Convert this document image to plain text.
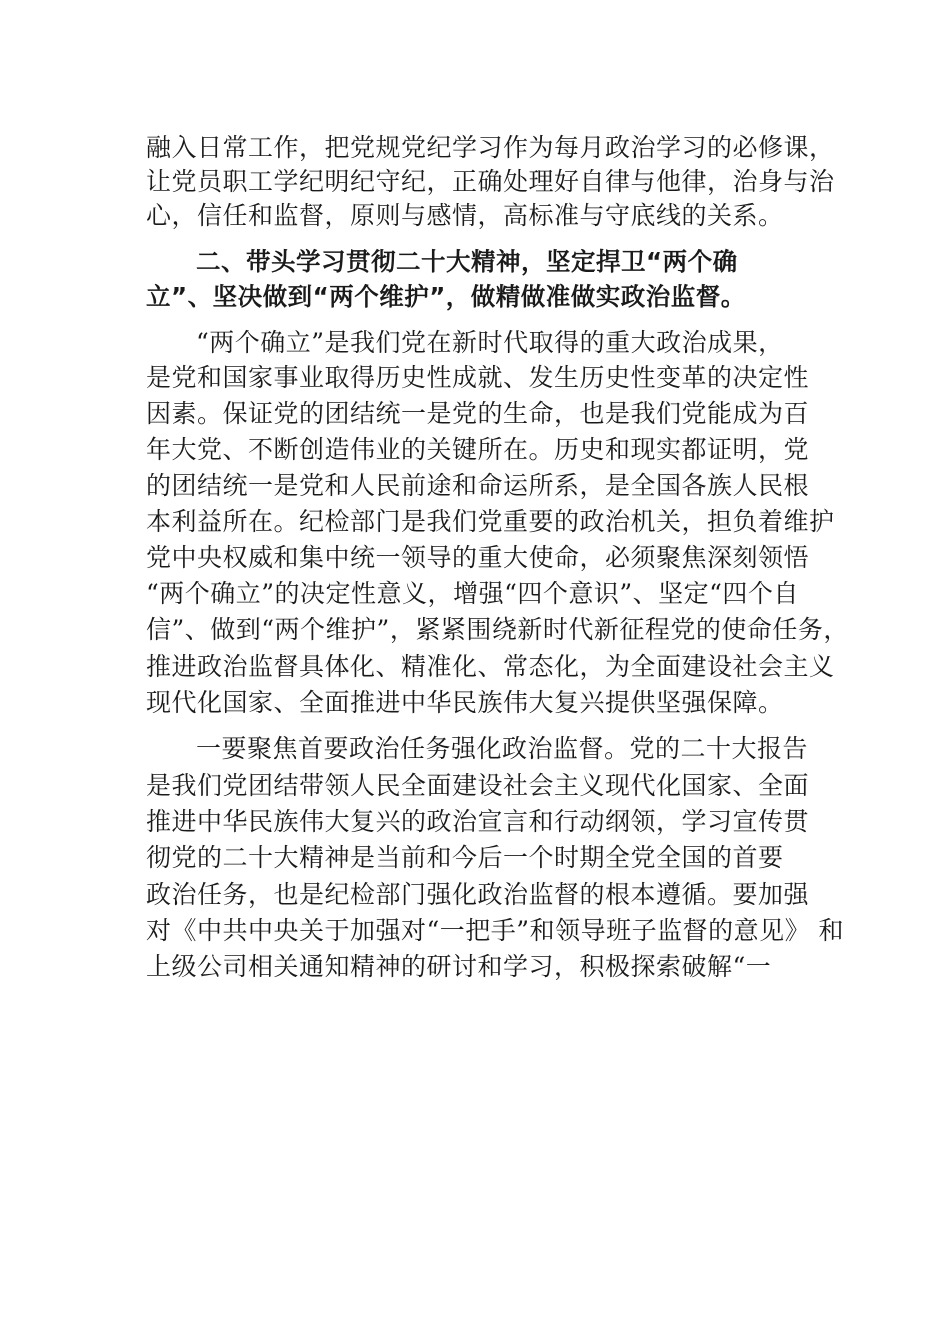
融入日常工作，把党规党纪学习作为每月政治学习的必修课，
让党员职工学纪明纪守纪，正确处理好自律与他律，治身与治
心，信任和监督，原则与感情，高标准与守底线的关系。
二、带头学习贯彻二十大精神，坚定捍卫“两个确
立”、坚决做到“两个维护”，做精做准做实政治监督。
“两个确立”是我们党在新时代取得的重大政治成果，
是党和国家事业取得历史性成就、发生历史性变革的决定性
因素。保证党的团结统一是党的生命，也是我们党能成为百
年大党、不断创造伟业的关键所在。历史和现实都证明，党
的团结统一是党和人民前途和命运所系，是全国各族人民根
本利益所在。纪检部门是我们党重要的政治机关，担负着维护
党中央权威和集中统一领导的重大使命，必须聚焦深刻领悟
“两个确立”的决定性意义，增强“四个意识”、坚定“四个自
信”、做到“两个维护”，紧紧围绕新时代新征程党的使命任务，
推进政治监督具体化、精准化、常态化，为全面建设社会主义
现代化国家、全面推进中华民族伟大复兴提供坚强保障。
一要聚焦首要政治任务强化政治监督。党的二十大报告
是我们党团结带领人民全面建设社会主义现代化国家、全面
推进中华民族伟大复兴的政治宣言和行动纲领，学习宣传贯
彻党的二十大精神是当前和今后一个时期全党全国的首要
政治任务，也是纪检部门强化政治监督的根本遵循。要加强
对《中共中央关于加强对“一把手”和领导班子监督的意见》 和
上级公司相关通知精神的研讨和学习，积极探索破解“一
